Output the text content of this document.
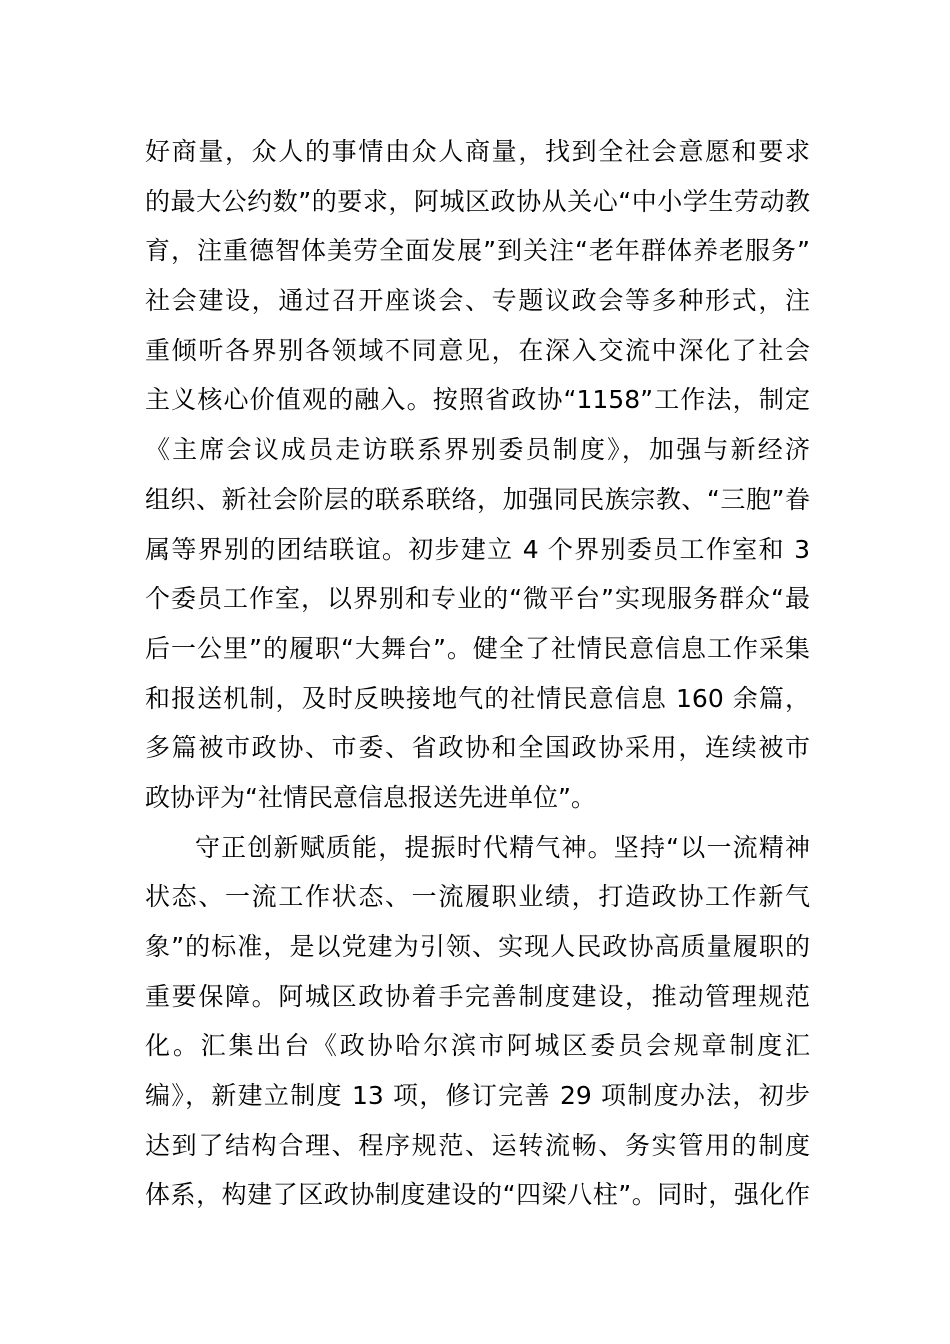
好商量，众人的事情由众人商量，找到全社会意愿和要求
的最大公约数”的要求，阿城区政协从关心“中小学生劳动教
育，注重德智体美劳全面发展”到关注“老年群体养老服务”
社会建设，通过召开座谈会、专题议政会等多种形式，注
重倾听各界别各领域不同意见，在深入交流中深化了社会
主义核心价值观的融入。按照省政协“1158”工作法，制定
《主席会议成员走访联系界别委员制度》，加强与新经济
组织、新社会阶层的联系联络，加强同民族宗教、“三胞”眷
属等界别的团结联谊。初步建立 4 个界别委员工作室和 3
个委员工作室，以界别和专业的“微平台”实现服务群众“最
后一公里”的履职“大舞台”。健全了社情民意信息工作采集
和报送机制，及时反映接地气的社情民意信息 160 余篇，
多篇被市政协、市委、省政协和全国政协采用，连续被市
政协评为“社情民意信息报送先进单位”。
守正创新赋质能，提振时代精气神。坚持“以一流精神
状态、一流工作状态、一流履职业绩，打造政协工作新气
象”的标准，是以党建为引领、实现人民政协高质量履职的
重要保障。阿城区政协着手完善制度建设，推动管理规范
化。汇集出台《政协哈尔滨市阿城区委员会规章制度汇
编》，新建立制度 13 项，修订完善 29 项制度办法，初步
达到了结构合理、程序规范、运转流畅、务实管用的制度
体系，构建了区政协制度建设的“四梁八柱”。同时，强化作
